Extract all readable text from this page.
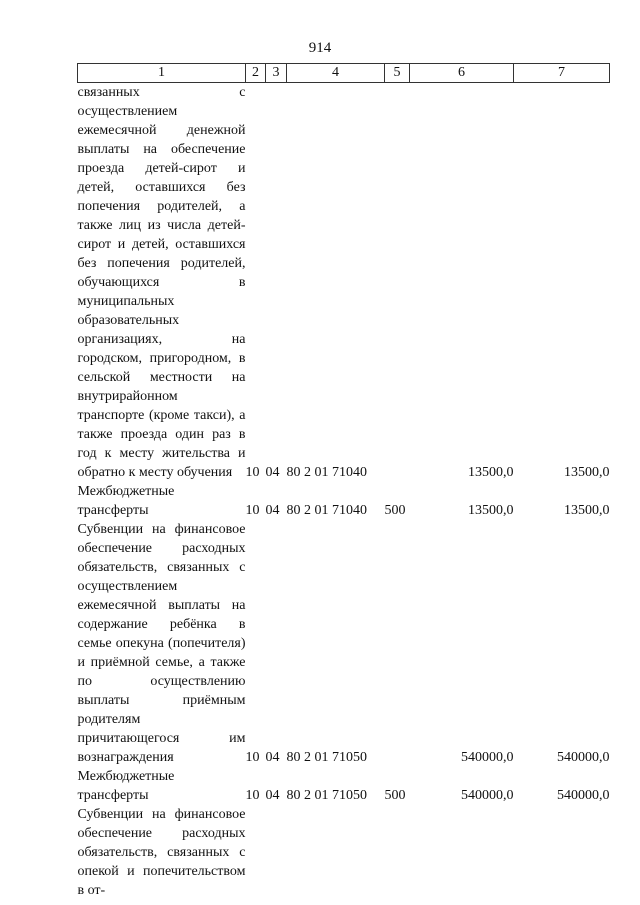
914
1	2	3	4	5	6	7
связанных с осуществлением ежемесячной денежной выплаты на обеспечение проезда детей-сирот и детей, оставшихся без попечения родителей, а также лиц из числа детей-сирот и детей, оставшихся без попечения родителей, обучающихся в муниципальных образовательных организациях, на городском, пригородном, в сельской местности на внутрирайонном транспорте (кроме такси), а также проезда один раз в год к месту жительства и обратно к месту обучения	10	04	80 2 01 71040		13500,0	13500,0
Межбюджетные трансферты	10	04	80 2 01 71040	500	13500,0	13500,0
Субвенции на финансовое обеспечение расходных обязательств, связанных с осуществлением ежемесячной выплаты на содержание ребёнка в семье опекуна (попечителя) и приёмной семье, а также по осуществлению выплаты приёмным родителям причитающегося им вознаграждения	10	04	80 2 01 71050		540000,0	540000,0
Межбюджетные трансферты	10	04	80 2 01 71050	500	540000,0	540000,0
Субвенции на финансовое обеспечение расходных обязательств, связанных с опекой и попечительством в от-						
